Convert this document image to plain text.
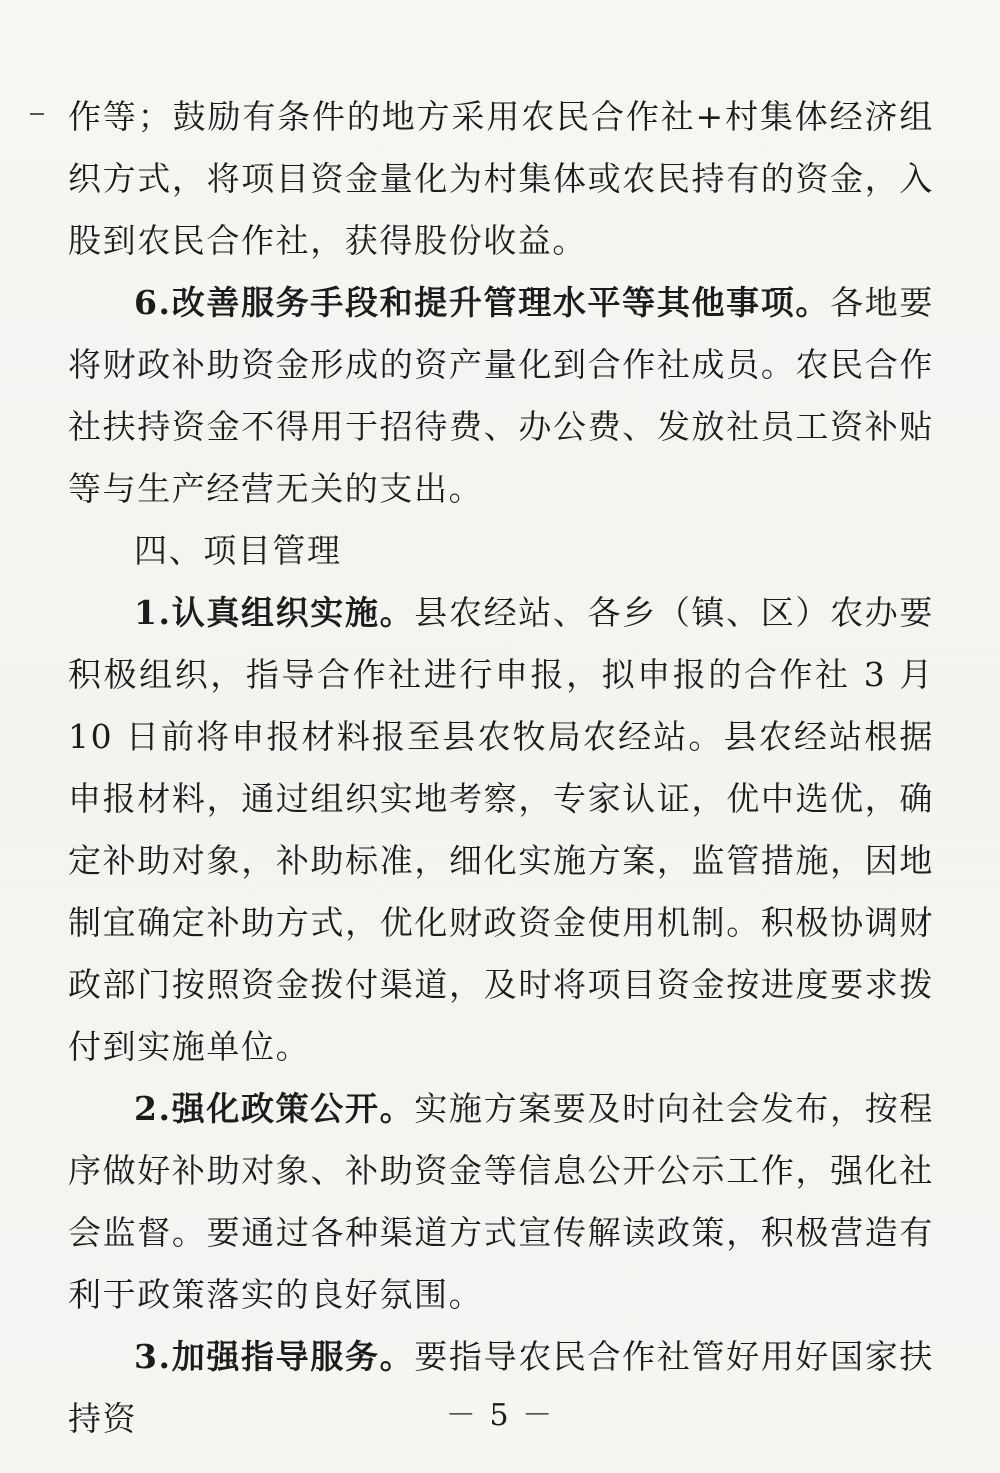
作等；鼓励有条件的地方采用农民合作社+村集体经济组织方式，将项目资金量化为村集体或农民持有的资金，入股到农民合作社，获得股份收益。

6.改善服务手段和提升管理水平等其他事项。各地要将财政补助资金形成的资产量化到合作社成员。农民合作社扶持资金不得用于招待费、办公费、发放社员工资补贴等与生产经营无关的支出。

四、项目管理

1.认真组织实施。县农经站、各乡（镇、区）农办要积极组织，指导合作社进行申报，拟申报的合作社 3 月 10 日前将申报材料报至县农牧局农经站。县农经站根据申报材料，通过组织实地考察，专家认证，优中选优，确定补助对象，补助标准，细化实施方案，监管措施，因地制宜确定补助方式，优化财政资金使用机制。积极协调财政部门按照资金拨付渠道，及时将项目资金按进度要求拨付到实施单位。

2.强化政策公开。实施方案要及时向社会发布，按程序做好补助对象、补助资金等信息公开公示工作，强化社会监督。要通过各种渠道方式宣传解读政策，积极营造有利于政策落实的良好氛围。

3.加强指导服务。要指导农民合作社管好用好国家扶持资	－ 5 －
